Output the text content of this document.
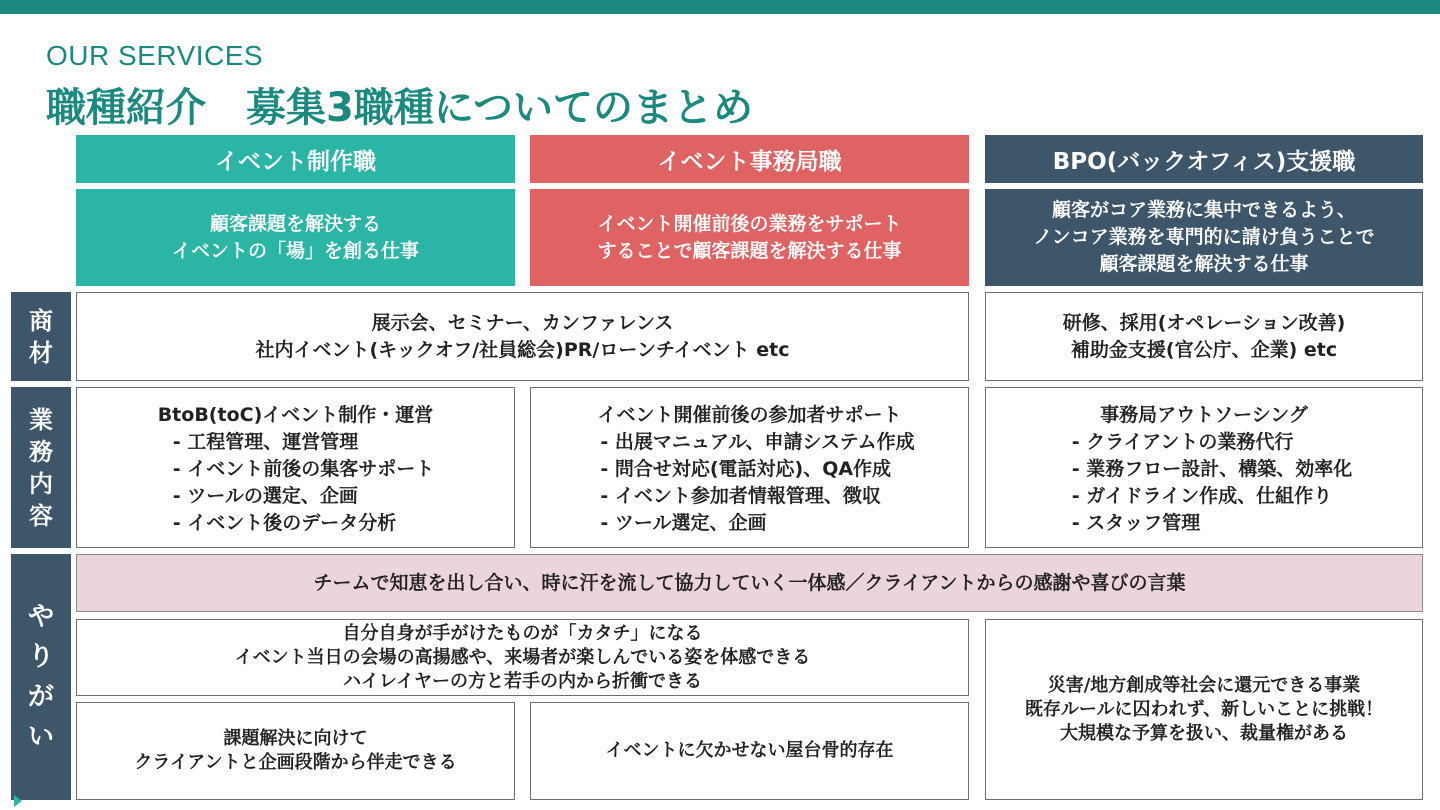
OUR SERVICES
職種紹介　募集3職種についてのまとめ
イベント制作職	イベント事務局職	BPO(バックオフィス)支援職
顧客課題を解決する
イベントの「場」を創る仕事
イベント開催前後の業務をサポート
することで顧客課題を解決する仕事
顧客がコア業務に集中できるよう、
ノンコア業務を専門的に請け負うことで
顧客課題を解決する仕事
商
材
展示会、セミナー、カンファレンス
社内イベント(キックオフ/社員総会)PR/ローンチイベント etc
研修、採用(オペレーション改善)
補助金支援(官公庁、企業) etc
業
務
内
容
BtoB(toC)イベント制作・運営
- 工程管理、運営管理
- イベント前後の集客サポート
- ツールの選定、企画
- イベント後のデータ分析
イベント開催前後の参加者サポート
- 出展マニュアル、申請システム作成
- 問合せ対応(電話対応)、QA作成
- イベント参加者情報管理、徴収
- ツール選定、企画
事務局アウトソーシング
- クライアントの業務代行
- 業務フロー設計、構築、効率化
- ガイドライン作成、仕組作り
- スタッフ管理
や
り
が
い
チームで知恵を出し合い、時に汗を流して協力していく一体感／クライアントからの感謝や喜びの言葉
自分自身が手がけたものが「カタチ」になる
イベント当日の会場の高揚感や、来場者が楽しんでいる姿を体感できる
ハイレイヤーの方と若手の内から折衝できる
課題解決に向けて
クライアントと企画段階から伴走できる
イベントに欠かせない屋台骨的存在
災害/地方創成等社会に還元できる事業
既存ルールに囚われず、新しいことに挑戦！
大規模な予算を扱い、裁量権がある
